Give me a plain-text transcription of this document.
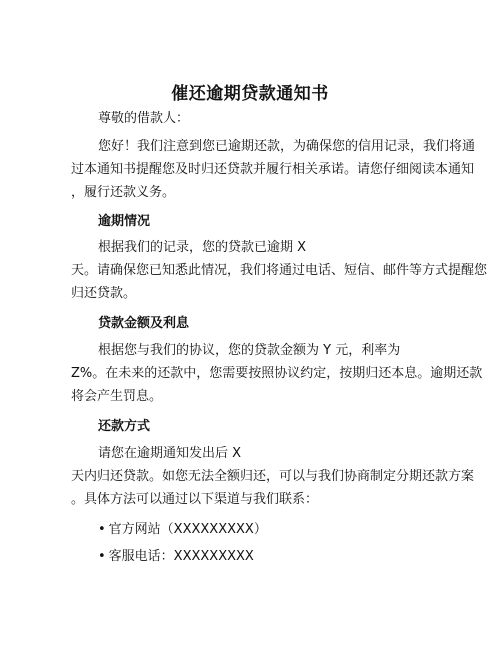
催还逾期贷款通知书
尊敬的借款人：
您好！我们注意到您已逾期还款，为确保您的信用记录，我们将通
过本通知书提醒您及时归还贷款并履行相关承诺。请您仔细阅读本通知
，履行还款义务。
逾期情况
根据我们的记录，您的贷款已逾期 X
天。请确保您已知悉此情况，我们将通过电话、短信、邮件等方式提醒您
归还贷款。
贷款金额及利息
根据您与我们的协议，您的贷款金额为 Y 元，利率为
Z%。在未来的还款中，您需要按照协议约定，按期归还本息。逾期还款
将会产生罚息。
还款方式
请您在逾期通知发出后 X
天内归还贷款。如您无法全额归还，可以与我们协商制定分期还款方案
。具体方法可以通过以下渠道与我们联系：
• 官方网站（XXXXXXXXX）
• 客服电话：XXXXXXXXX
